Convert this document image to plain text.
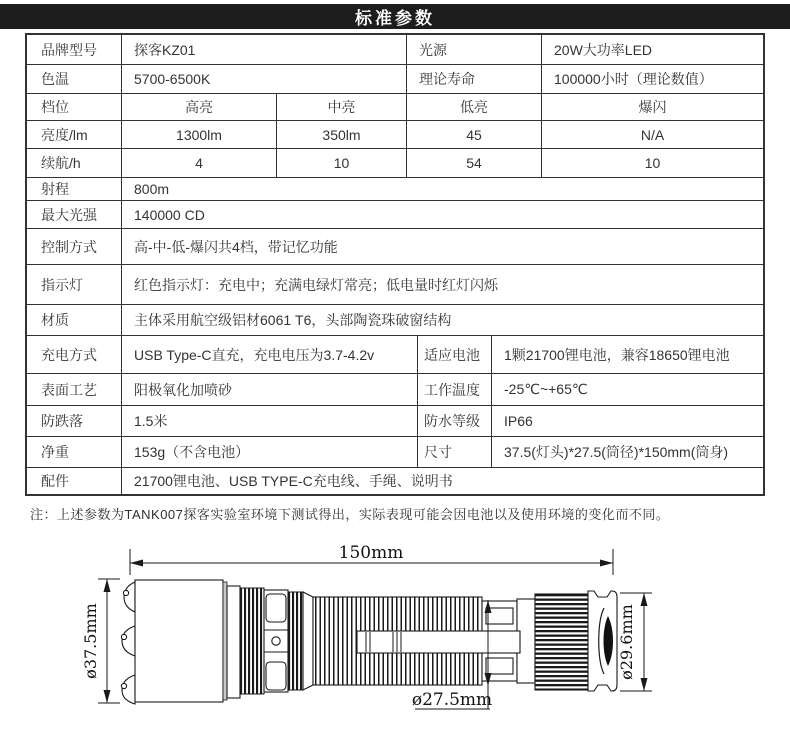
标准参数
品牌型号	探客KZ01	光源	20W大功率LED
色温	5700-6500K	理论寿命	100000小时（理论数值）
档位	高亮	中亮	低亮	爆闪
亮度/lm	1300lm	350lm	45	N/A
续航/h	4	10	54	10
射程	800m
最大光强	140000 CD
控制方式	高-中-低-爆闪共4档，带记忆功能
指示灯	红色指示灯：充电中；充满电绿灯常亮；低电量时红灯闪烁
材质	主体采用航空级铝材6061 T6，头部陶瓷珠破窗结构
充电方式	USB Type-C直充，充电电压为3.7-4.2v	适应电池	1颗21700锂电池，兼容18650锂电池
表面工艺	阳极氧化加喷砂	工作温度	-25℃~+65℃
防跌落	1.5米	防水等级	IP66
净重	153g（不含电池）	尺寸	37.5(灯头)*27.5(筒径)*150mm(筒身)
配件	21700锂电池、USB TYPE-C充电线、手绳、说明书
注：上述参数为TANK007探客实验室环境下测试得出，实际表现可能会因电池以及使用环境的变化而不同。
150mm
ø37.5mm
ø27.5mm
ø29.6mm
